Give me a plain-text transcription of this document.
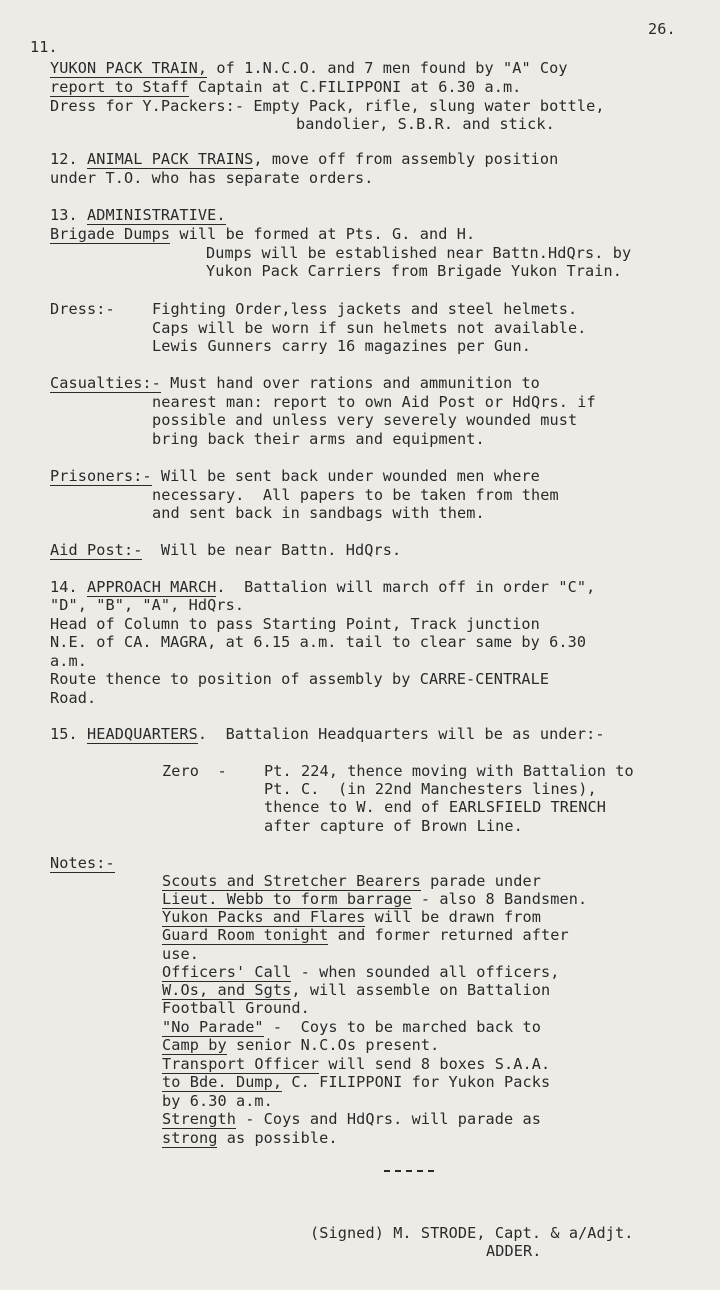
26.
11.
YUKON PACK TRAIN, of 1.N.C.O. and 7 men found by "A" Coy
report to Staff Captain at C.FILIPPONI at 6.30 a.m.
Dress for Y.Packers:- Empty Pack, rifle, slung water bottle,
bandolier, S.B.R. and stick.
12. ANIMAL PACK TRAINS, move off from assembly position
under T.O. who has separate orders.
13. ADMINISTRATIVE.
Brigade Dumps will be formed at Pts. G. and H.
Dumps will be established near Battn.HdQrs. by
Yukon Pack Carriers from Brigade Yukon Train.
Dress:- Fighting Order,less jackets and steel helmets.
Caps will be worn if sun helmets not available.
Lewis Gunners carry 16 magazines per Gun.
Casualties:- Must hand over rations and ammunition to
nearest man: report to own Aid Post or HdQrs. if
possible and unless very severely wounded must
bring back their arms and equipment.
Prisoners:- Will be sent back under wounded men where
necessary.  All papers to be taken from them
and sent back in sandbags with them.
Aid Post:-  Will be near Battn. HdQrs.
14. APPROACH MARCH.  Battalion will march off in order "C",
"D", "B", "A", HdQrs.
Head of Column to pass Starting Point, Track junction
N.E. of CA. MAGRA, at 6.15 a.m. tail to clear same by 6.30
a.m.
Route thence to position of assembly by CARRE-CENTRALE
Road.
15. HEADQUARTERS.  Battalion Headquarters will be as under:-
Zero  - Pt. 224, thence moving with Battalion to
Pt. C.  (in 22nd Manchesters lines),
thence to W. end of EARLSFIELD TRENCH
after capture of Brown Line.
Notes:-
Scouts and Stretcher Bearers parade under
Lieut. Webb to form barrage - also 8 Bandsmen.
Yukon Packs and Flares will be drawn from
Guard Room tonight and former returned after
use.
Officers' Call - when sounded all officers,
W.Os, and Sgts, will assemble on Battalion
Football Ground.
"No Parade" -  Coys to be marched back to
Camp by senior N.C.Os present.
Transport Officer will send 8 boxes S.A.A.
to Bde. Dump, C. FILIPPONI for Yukon Packs
by 6.30 a.m.
Strength - Coys and HdQrs. will parade as
strong as possible.
(Signed) M. STRODE, Capt. & a/Adjt.
ADDER.
